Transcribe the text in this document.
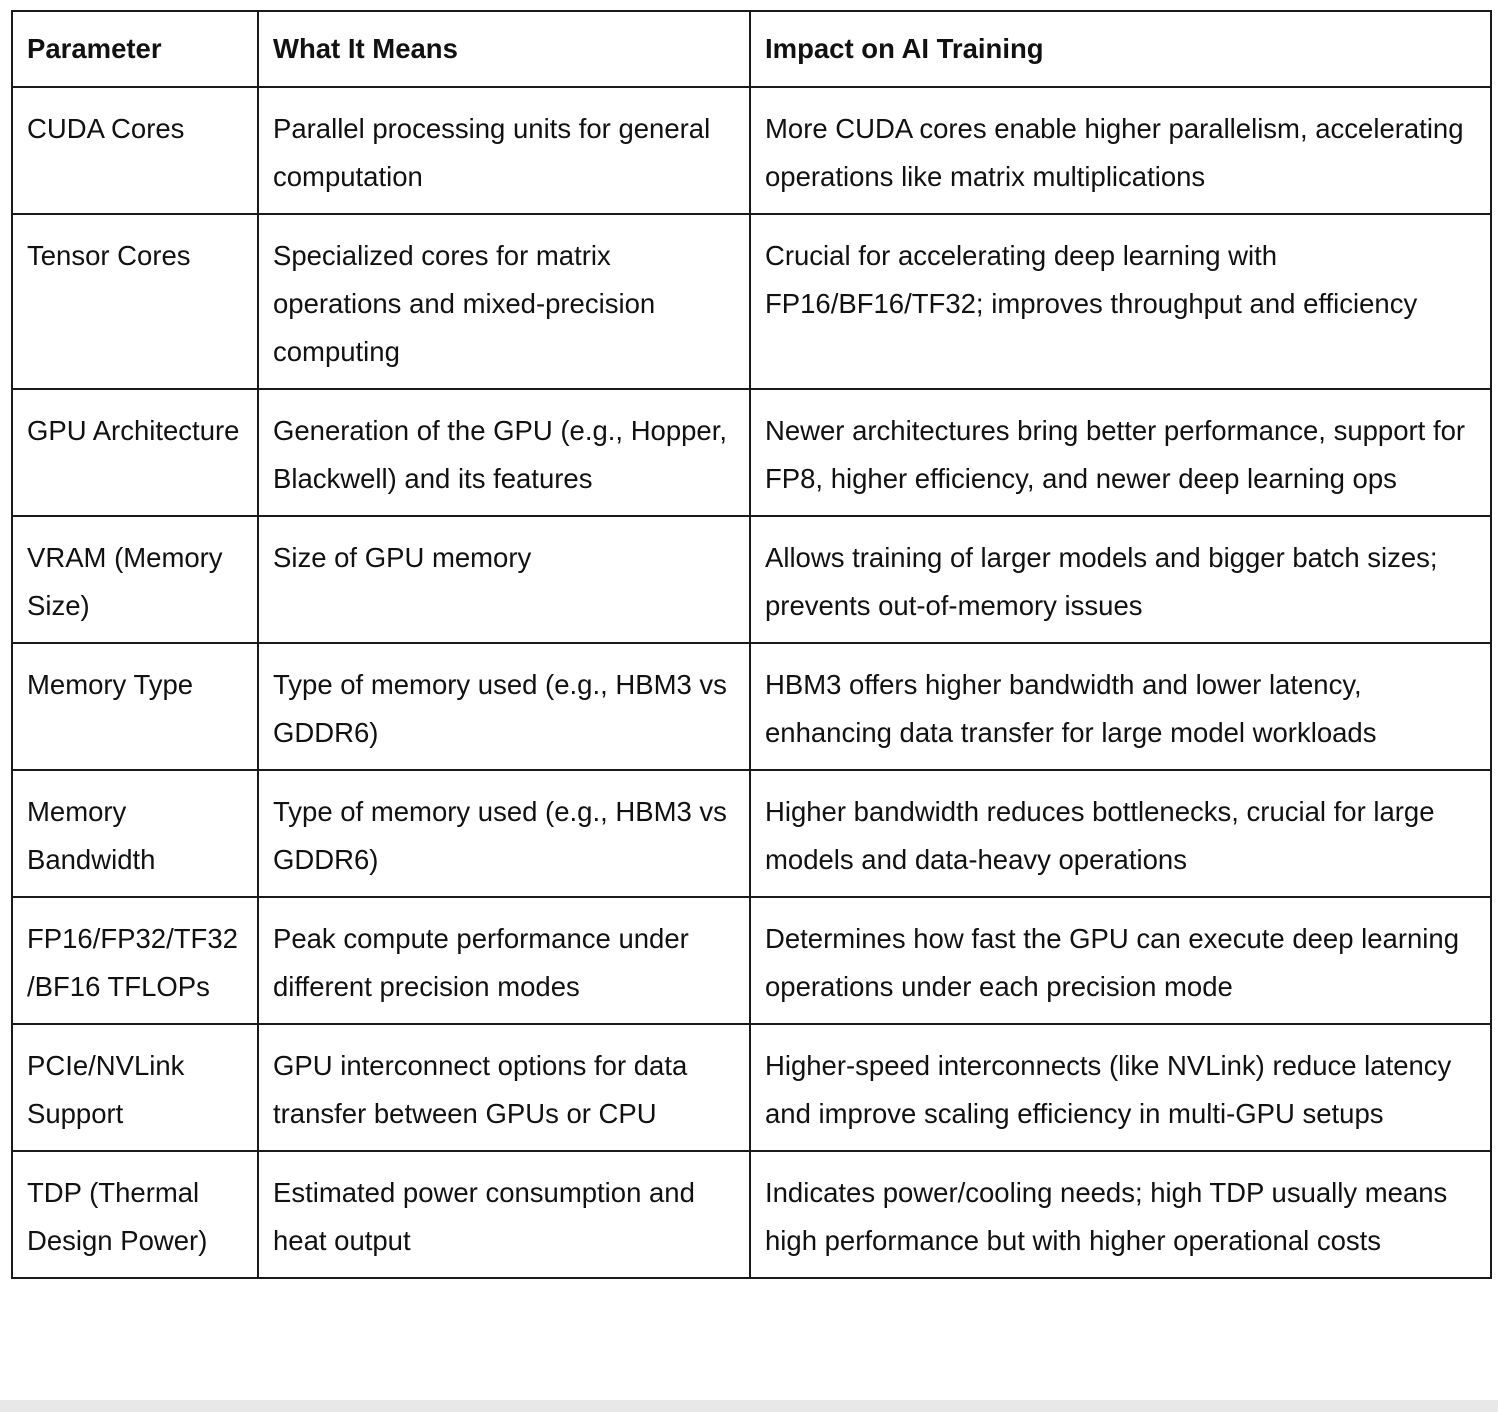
Parameter	What It Means	Impact on AI Training
CUDA Cores	Parallel processing units for general computation	More CUDA cores enable higher parallelism, accelerating operations like matrix multiplications
Tensor Cores	Specialized cores for matrix operations and mixed-precision computing	Crucial for accelerating deep learning with FP16/BF16/TF32; improves throughput and efficiency
GPU Architecture	Generation of the GPU (e.g., Hopper, Blackwell) and its features	Newer architectures bring better performance, support for FP8, higher efficiency, and newer deep learning ops
VRAM (Memory Size)	Size of GPU memory	Allows training of larger models and bigger batch sizes; prevents out-of-memory issues
Memory Type	Type of memory used (e.g., HBM3 vs GDDR6)	HBM3 offers higher bandwidth and lower latency, enhancing data transfer for large model workloads
Memory Bandwidth	Type of memory used (e.g., HBM3 vs GDDR6)	Higher bandwidth reduces bottlenecks, crucial for large models and data-heavy operations
FP16/FP32/TF32/BF16 TFLOPs	Peak compute performance under different precision modes	Determines how fast the GPU can execute deep learning operations under each precision mode
PCIe/NVLink Support	GPU interconnect options for data transfer between GPUs or CPU	Higher-speed interconnects (like NVLink) reduce latency and improve scaling efficiency in multi-GPU setups
TDP (Thermal Design Power)	Estimated power consumption and heat output	Indicates power/cooling needs; high TDP usually means high performance but with higher operational costs
